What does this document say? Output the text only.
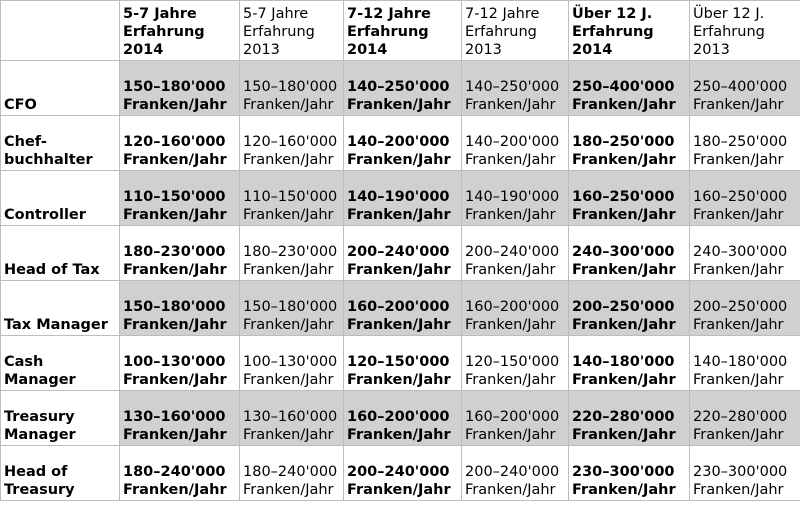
	5-7 Jahre
Erfahrung
2014	5-7 Jahre
Erfahrung
2013	7-12 Jahre
Erfahrung
2014	7-12 Jahre
Erfahrung
2013	Über 12 J.
Erfahrung
2014	Über 12 J.
Erfahrung
2013

CFO	150–180'000
Franken/Jahr	150–180'000
Franken/Jahr	140–250'000
Franken/Jahr	140–250'000
Franken/Jahr	250–400'000
Franken/Jahr	250–400'000
Franken/Jahr

Chef-
buchhalter	120–160'000
Franken/Jahr	120–160'000
Franken/Jahr	140–200'000
Franken/Jahr	140–200'000
Franken/Jahr	180–250'000
Franken/Jahr	180–250'000
Franken/Jahr

Controller	110–150'000
Franken/Jahr	110–150'000
Franken/Jahr	140–190'000
Franken/Jahr	140–190'000
Franken/Jahr	160–250'000
Franken/Jahr	160–250'000
Franken/Jahr

Head of Tax	180–230'000
Franken/Jahr	180–230'000
Franken/Jahr	200–240'000
Franken/Jahr	200–240'000
Franken/Jahr	240–300'000
Franken/Jahr	240–300'000
Franken/Jahr

Tax Manager	150–180'000
Franken/Jahr	150–180'000
Franken/Jahr	160–200'000
Franken/Jahr	160–200'000
Franken/Jahr	200–250'000
Franken/Jahr	200–250'000
Franken/Jahr

Cash
Manager	100–130'000
Franken/Jahr	100–130'000
Franken/Jahr	120–150'000
Franken/Jahr	120–150'000
Franken/Jahr	140–180'000
Franken/Jahr	140–180'000
Franken/Jahr

Treasury
Manager	130–160'000
Franken/Jahr	130–160'000
Franken/Jahr	160–200'000
Franken/Jahr	160–200'000
Franken/Jahr	220–280'000
Franken/Jahr	220–280'000
Franken/Jahr

Head of
Treasury	180–240'000
Franken/Jahr	180–240'000
Franken/Jahr	200–240'000
Franken/Jahr	200–240'000
Franken/Jahr	230–300'000
Franken/Jahr	230–300'000
Franken/Jahr
